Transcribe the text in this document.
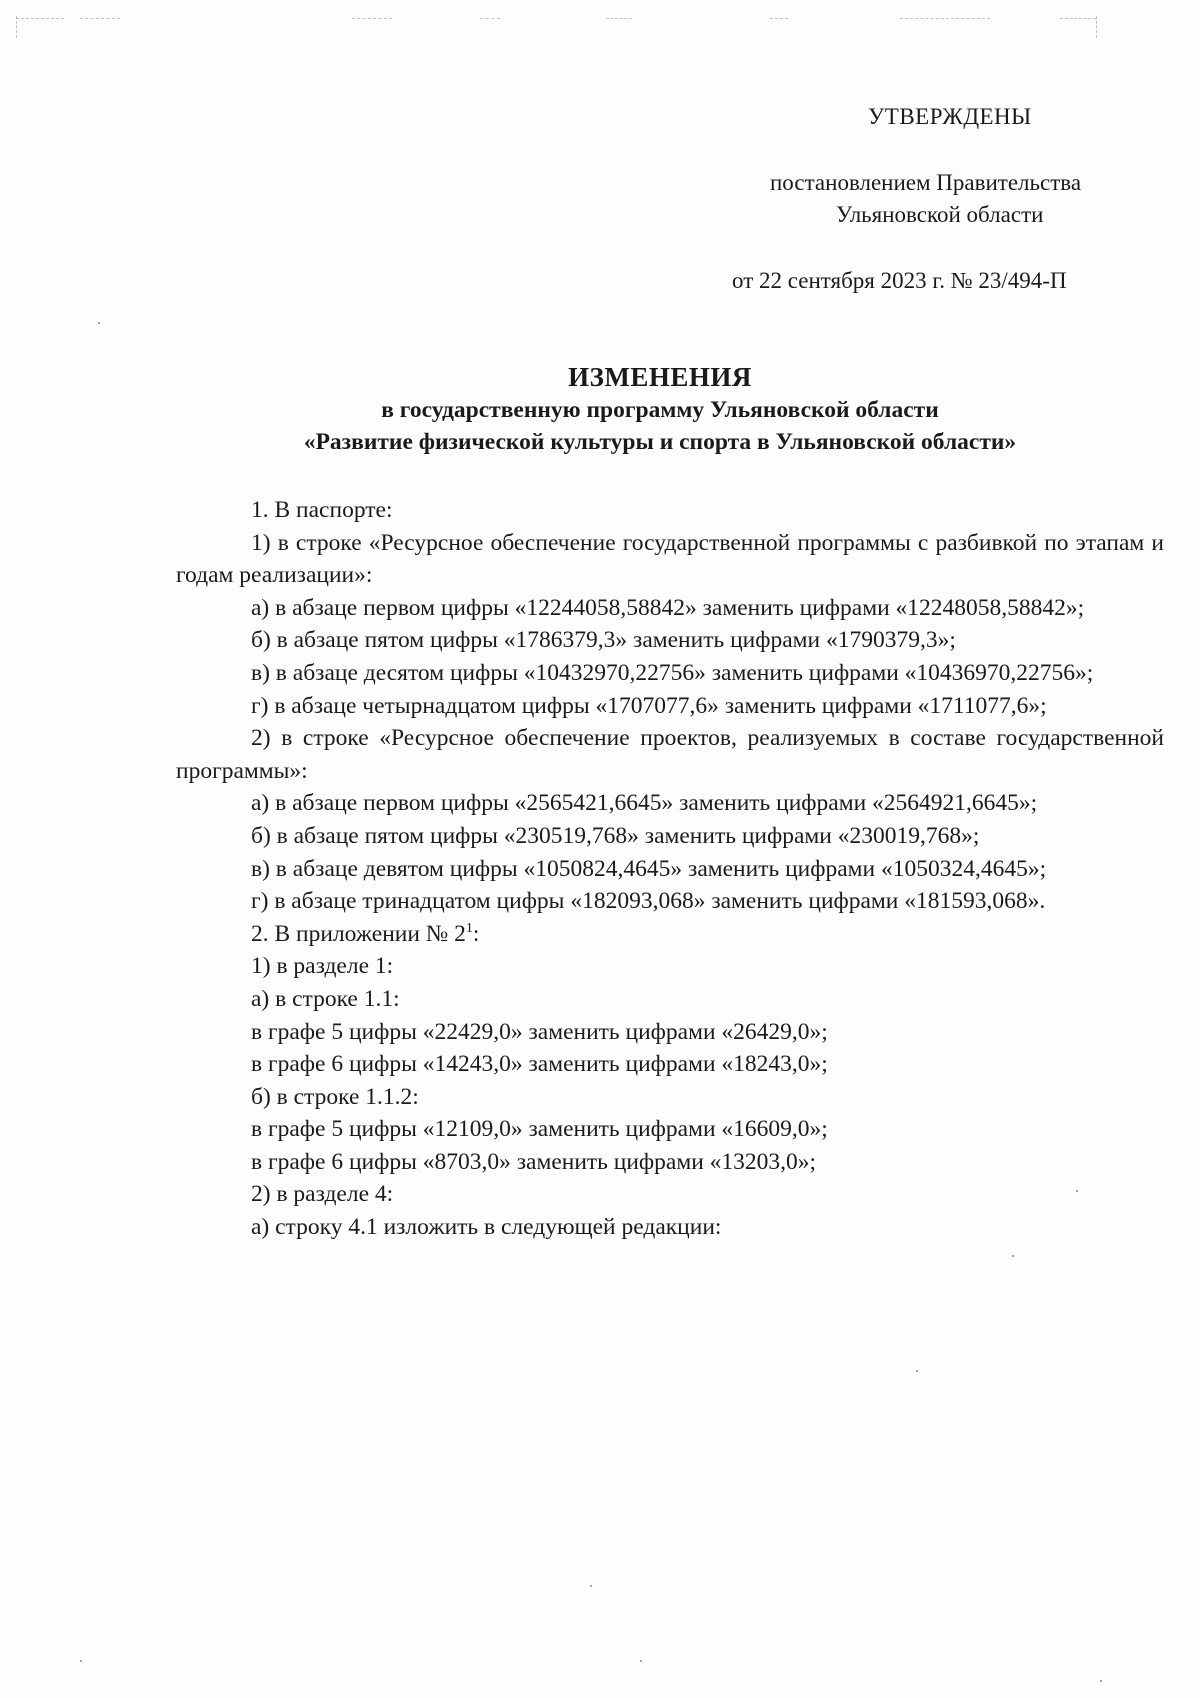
УТВЕРЖДЕНЫ
постановлением Правительства
Ульяновской области
от 22 сентября 2023 г. № 23/494-П
ИЗМЕНЕНИЯ
в государственную программу Ульяновской области
«Развитие физической культуры и спорта в Ульяновской области»

1. В паспорте:

1) в строке «Ресурсное обеспечение государственной программы с разбивкой по этапам и годам реализации»:

а) в абзаце первом цифры «12244058,58842» заменить цифрами «12248058,58842»;

б) в абзаце пятом цифры «1786379,3» заменить цифрами «1790379,3»;

в) в абзаце десятом цифры «10432970,22756» заменить цифрами «10436970,22756»;

г) в абзаце четырнадцатом цифры «1707077,6» заменить цифрами «1711077,6»;

2) в строке «Ресурсное обеспечение проектов, реализуемых в составе государственной программы»:

а) в абзаце первом цифры «2565421,6645» заменить цифрами «2564921,6645»;

б) в абзаце пятом цифры «230519,768» заменить цифрами «230019,768»;

в) в абзаце девятом цифры «1050824,4645» заменить цифрами «1050324,4645»;

г) в абзаце тринадцатом цифры «182093,068» заменить цифрами «181593,068».

2. В приложении № $2^1$:

1) в разделе 1:

а) в строке 1.1:

в графе 5 цифры «22429,0» заменить цифрами «26429,0»;

в графе 6 цифры «14243,0» заменить цифрами «18243,0»;

б) в строке 1.1.2:

в графе 5 цифры «12109,0» заменить цифрами «16609,0»;

в графе 6 цифры «8703,0» заменить цифрами «13203,0»;

2) в разделе 4:

а) строку 4.1 изложить в следующей редакции:
